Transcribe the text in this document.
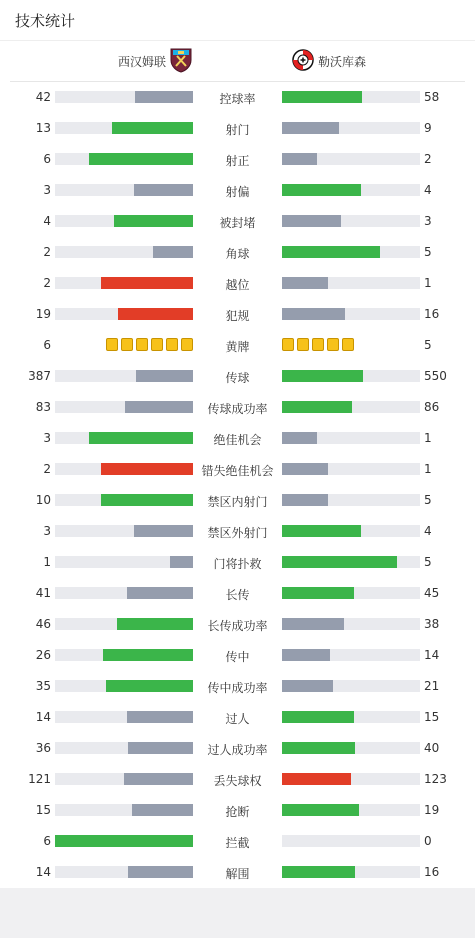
技术统计
西汉姆联	勒沃库森
42	控球率	58
13	射门	9
6	射正	2
3	射偏	4
4	被封堵	3
2	角球	5
2	越位	1
19	犯规	16
6	黄牌	5
387	传球	550
83	传球成功率	86
3	绝佳机会	1
2	错失绝佳机会	1
10	禁区内射门	5
3	禁区外射门	4
1	门将扑救	5
41	长传	45
46	长传成功率	38
26	传中	14
35	传中成功率	21
14	过人	15
36	过人成功率	40
121	丢失球权	123
15	抢断	19
6	拦截	0
14	解围	16
